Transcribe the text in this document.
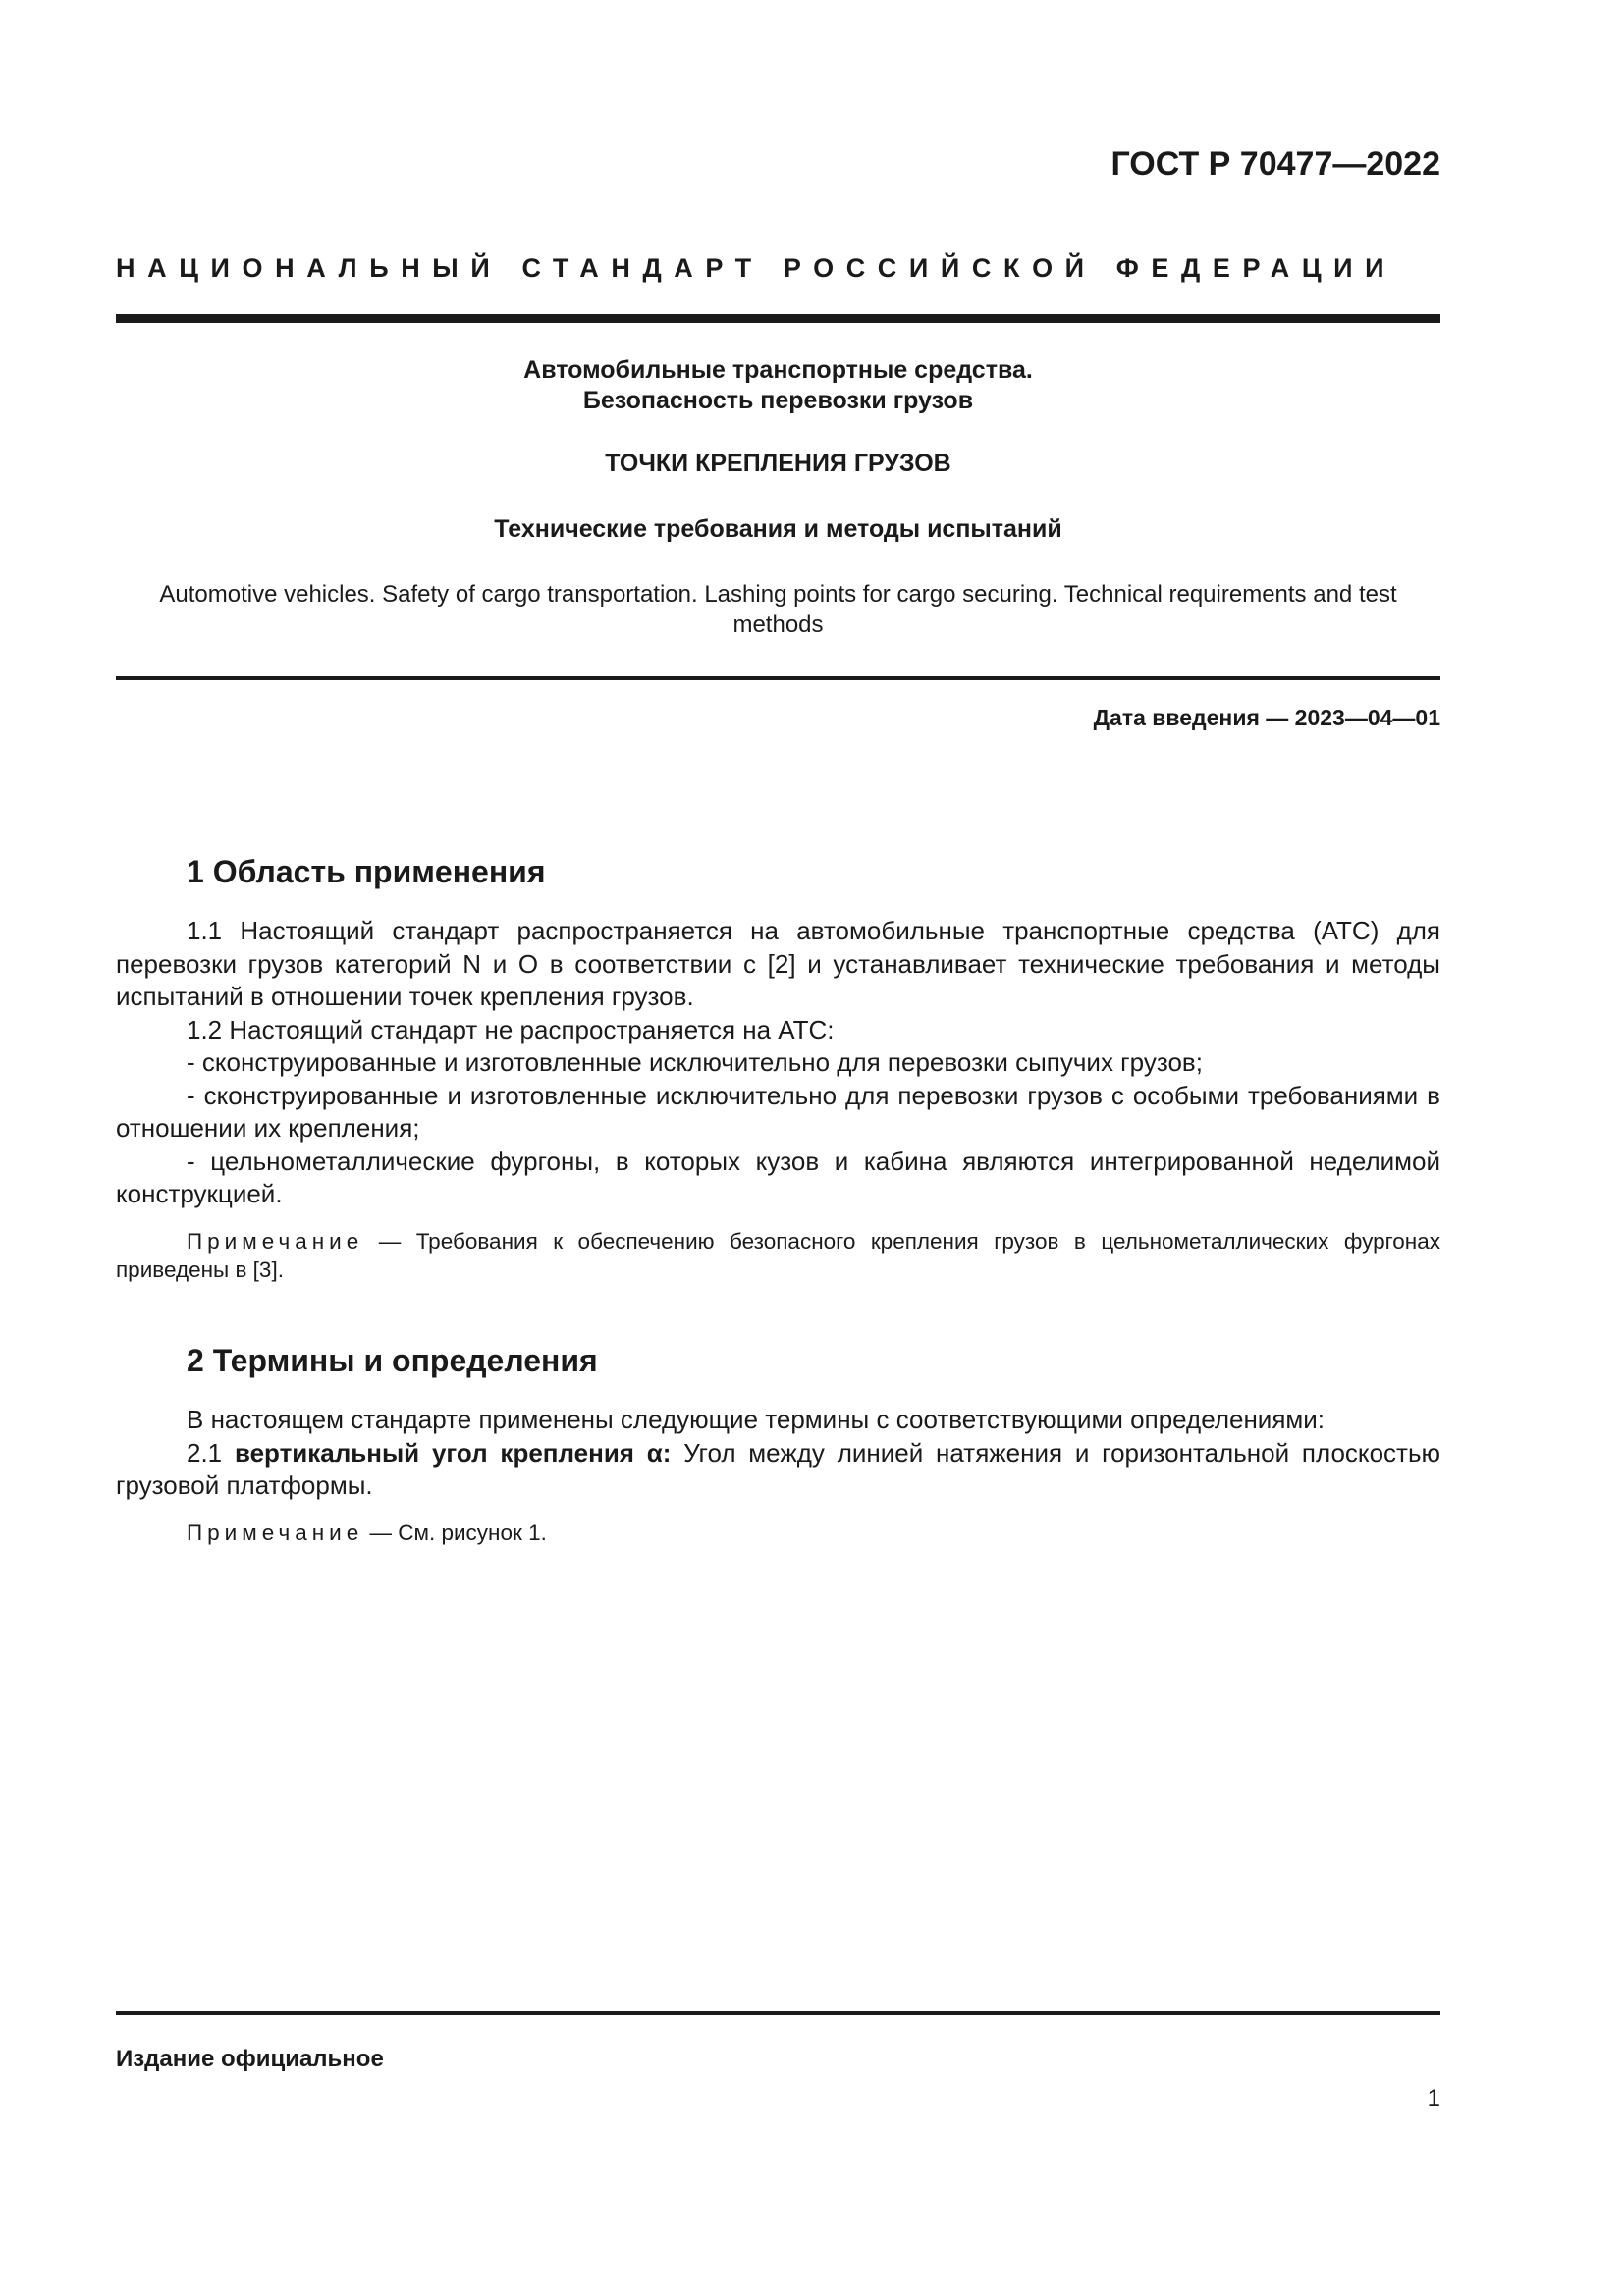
ГОСТ Р 70477—2022
НАЦИОНАЛЬНЫЙ СТАНДАРТ РОССИЙСКОЙ ФЕДЕРАЦИИ
Автомобильные транспортные средства.
Безопасность перевозки грузов
ТОЧКИ КРЕПЛЕНИЯ ГРУЗОВ
Технические требования и методы испытаний
Automotive vehicles. Safety of cargo transportation. Lashing points for cargo securing. Technical requirements and test methods
Дата введения — 2023—04—01
1 Область применения

1.1 Настоящий стандарт распространяется на автомобильные транспортные средства (АТС) для перевозки грузов категорий N и O в соответствии с [2] и устанавливает технические требования и методы испытаний в отношении точек крепления грузов.

1.2 Настоящий стандарт не распространяется на АТС:

- сконструированные и изготовленные исключительно для перевозки сыпучих грузов;

- сконструированные и изготовленные исключительно для перевозки грузов с особыми требованиями в отношении их крепления;

- цельнометаллические фургоны, в которых кузов и кабина являются интегрированной неделимой конструкцией.

Примечание — Требования к обеспечению безопасного крепления грузов в цельнометаллических фургонах приведены в [3].

2 Термины и определения

В настоящем стандарте применены следующие термины с соответствующими определениями:

2.1 вертикальный угол крепления α: Угол между линией натяжения и горизонтальной плоскостью грузовой платформы.

Примечание — См. рисунок 1.

Издание официальное
1
